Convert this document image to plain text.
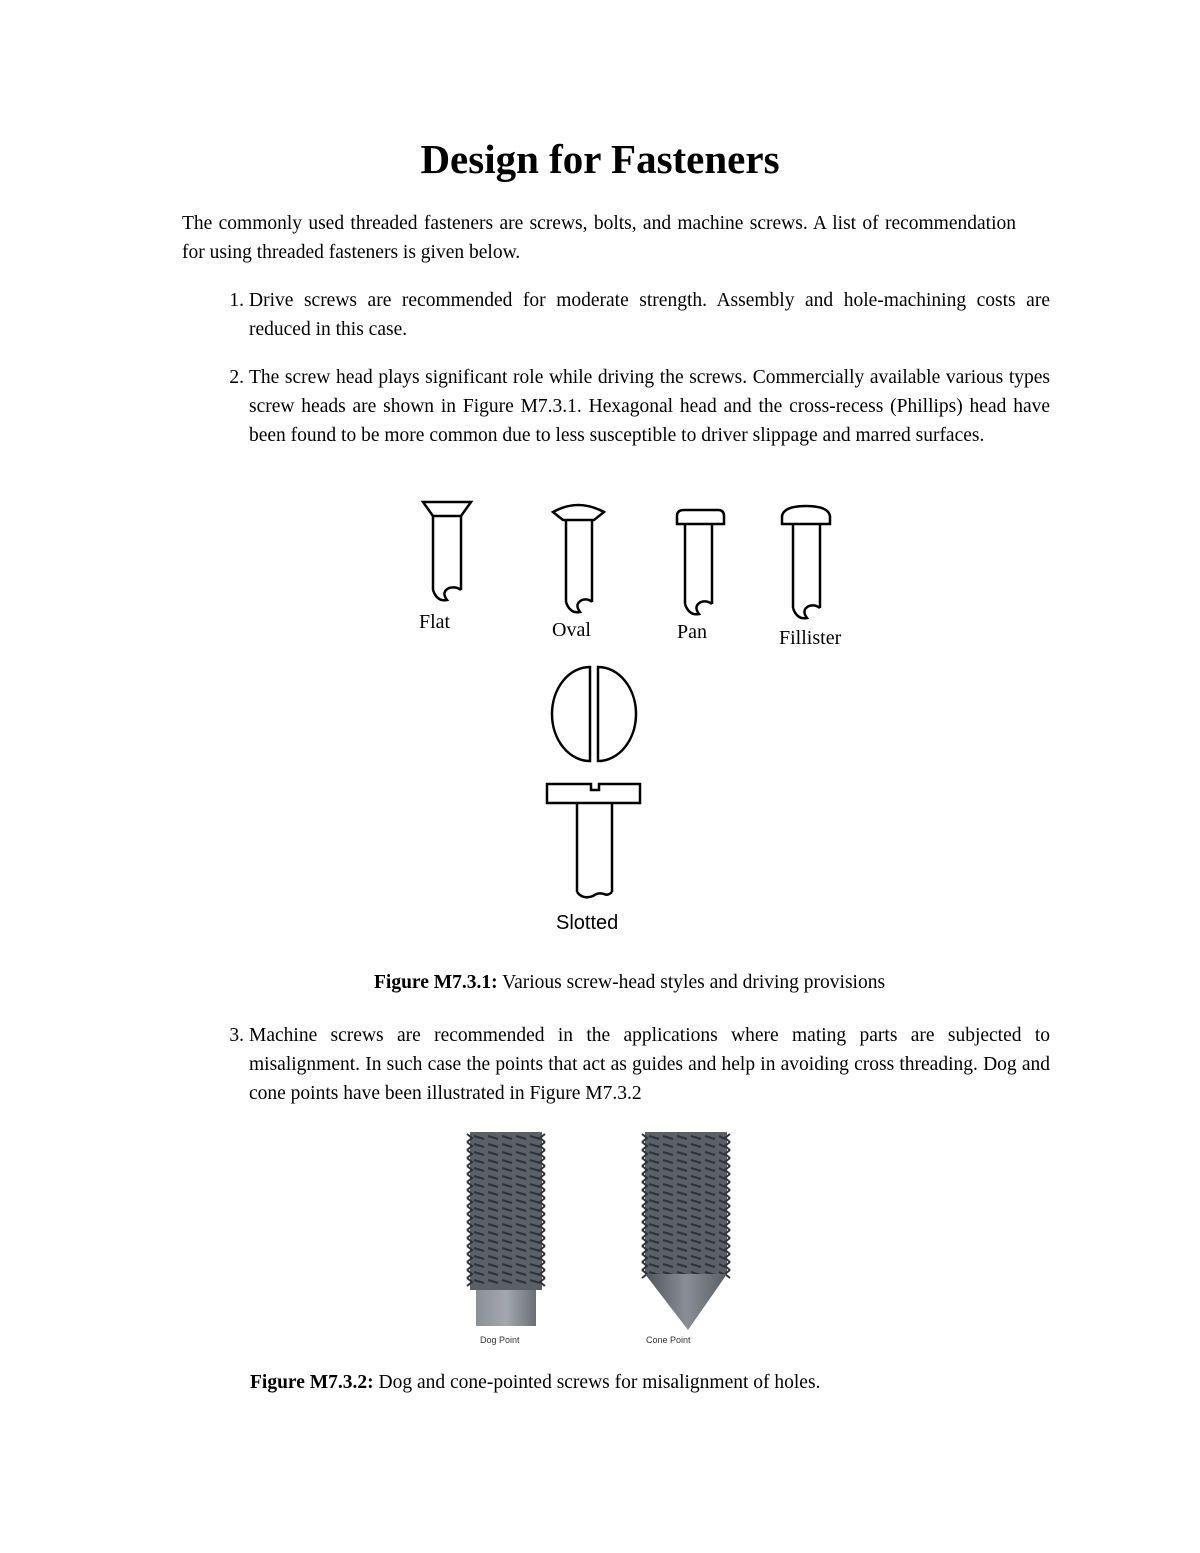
Design for Fasteners
The commonly used threaded fasteners are screws, bolts, and machine screws. A list of recommendation for using threaded fasteners is given below.
1. Drive screws are recommended for moderate strength. Assembly and hole-machining costs are reduced in this case.
2. The screw head plays significant role while driving the screws. Commercially available various types screw heads are shown in Figure M7.3.1. Hexagonal head and the cross-recess (Phillips) head have been found to be more common due to less susceptible to driver slippage and marred surfaces.
Flat	Oval	Pan	Fillister
Slotted
Figure M7.3.1: Various screw-head styles and driving provisions
3. Machine screws are recommended in the applications where mating parts are subjected to misalignment. In such case the points that act as guides and help in avoiding cross threading. Dog and cone points have been illustrated in Figure M7.3.2
Dog Point	Cone Point
Figure M7.3.2: Dog and cone-pointed screws for misalignment of holes.
